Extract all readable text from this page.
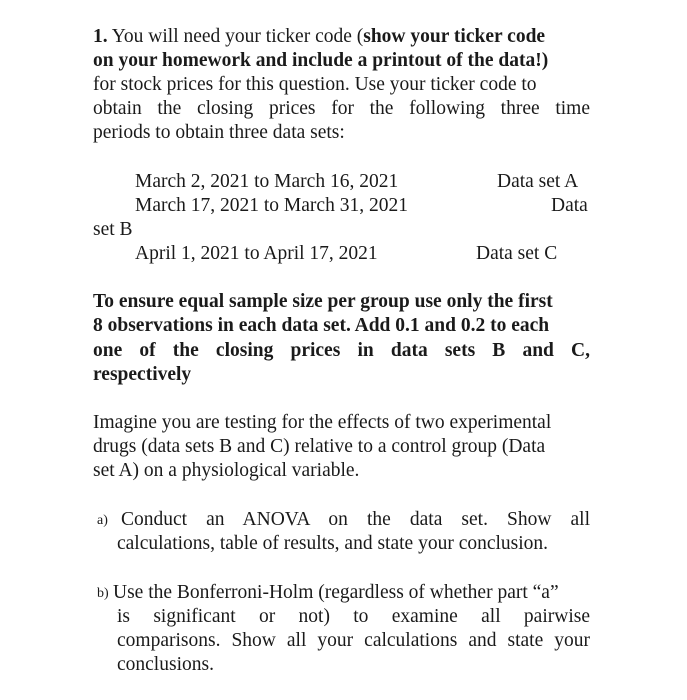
1. You will need your ticker code (show your ticker code
on your homework and include a printout of the data!)
for stock prices for this question. Use your ticker code to
obtain the closing prices for the following three time
periods to obtain three data sets:
March 2, 2021 to March 16, 2021	Data set A
March 17, 2021 to March 31, 2021	Data
set B
April 1, 2021 to April 17, 2021	Data set C
To ensure equal sample size per group use only the first
8 observations in each data set. Add 0.1 and 0.2 to each
one of the closing prices in data sets B and C,
respectively
Imagine you are testing for the effects of two experimental
drugs (data sets B and C) relative to a control group (Data
set A) on a physiological variable.
a) Conduct an ANOVA on the data set. Show all
calculations, table of results, and state your conclusion.
b) Use the Bonferroni-Holm (regardless of whether part “a”
is significant or not) to examine all pairwise
comparisons. Show all your calculations and state your
conclusions.
